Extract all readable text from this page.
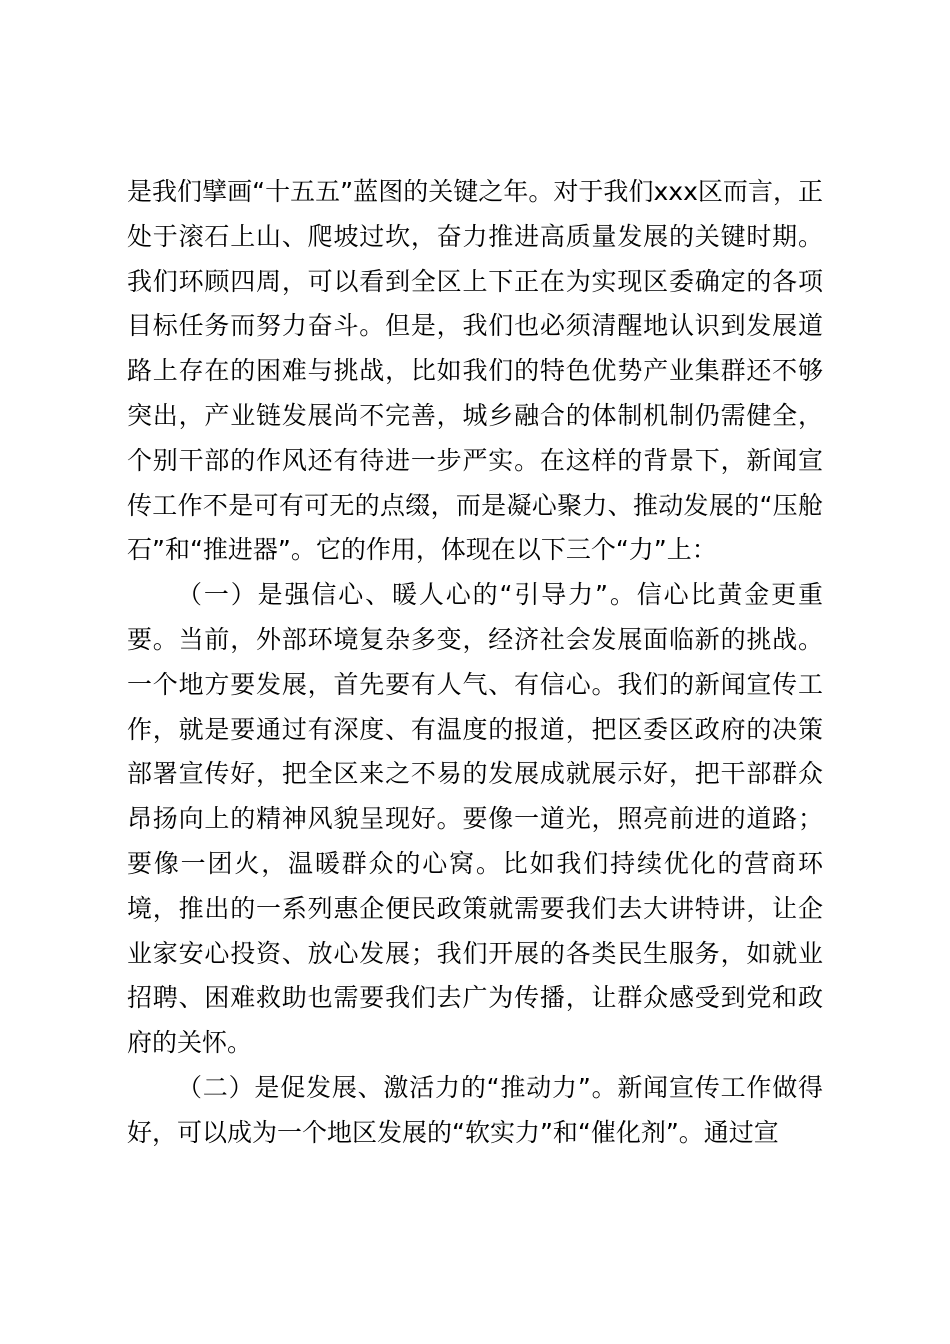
是我们擘画“十五五”蓝图的关键之年。对于我们xxx区而言，正处于滚石上山、爬坡过坎，奋力推进高质量发展的关键时期。我们环顾四周，可以看到全区上下正在为实现区委确定的各项目标任务而努力奋斗。但是，我们也必须清醒地认识到发展道路上存在的困难与挑战，比如我们的特色优势产业集群还不够突出，产业链发展尚不完善，城乡融合的体制机制仍需健全，个别干部的作风还有待进一步严实。在这样的背景下，新闻宣传工作不是可有可无的点缀，而是凝心聚力、推动发展的“压舱石”和“推进器”。它的作用，体现在以下三个“力”上：

（一）是强信心、暖人心的“引导力”。信心比黄金更重要。当前，外部环境复杂多变，经济社会发展面临新的挑战。一个地方要发展，首先要有人气、有信心。我们的新闻宣传工作，就是要通过有深度、有温度的报道，把区委区政府的决策部署宣传好，把全区来之不易的发展成就展示好，把干部群众昂扬向上的精神风貌呈现好。要像一道光，照亮前进的道路；要像一团火，温暖群众的心窝。比如我们持续优化的营商环境，推出的一系列惠企便民政策就需要我们去大讲特讲，让企业家安心投资、放心发展；我们开展的各类民生服务，如就业招聘、困难救助也需要我们去广为传播，让群众感受到党和政府的关怀。

（二）是促发展、激活力的“推动力”。新闻宣传工作做得好，可以成为一个地区发展的“软实力”和“催化剂”。通过宣
